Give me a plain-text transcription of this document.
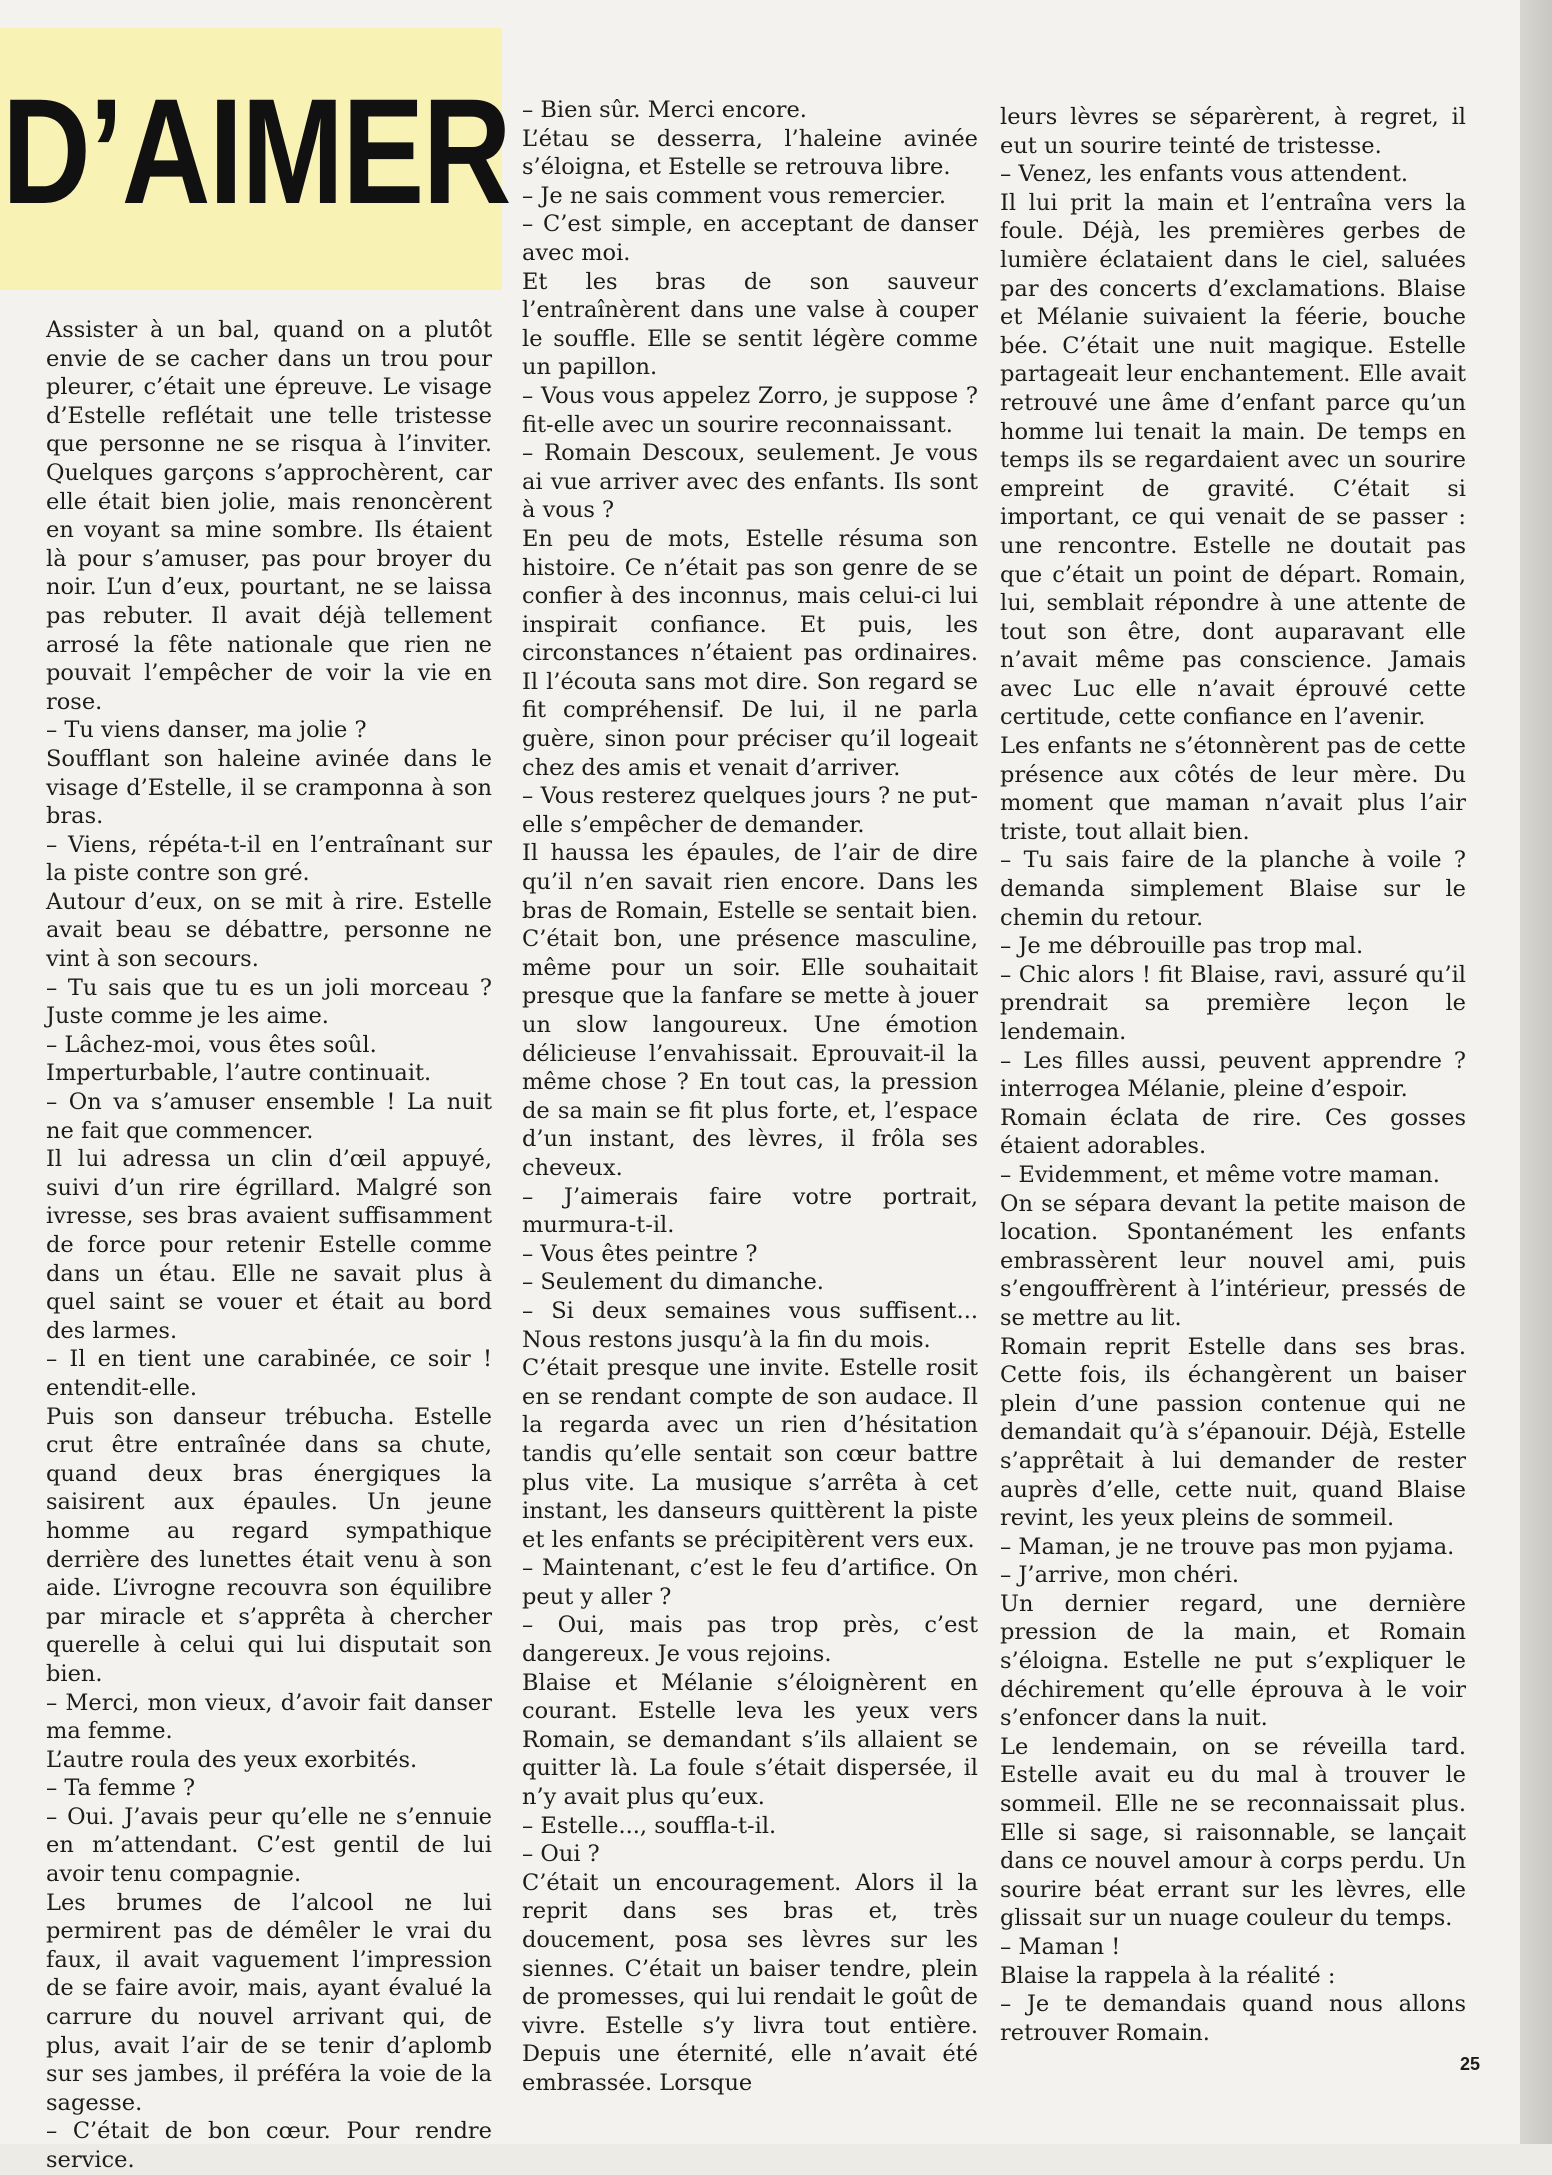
D’AIMER

Assister à un bal, quand on a plutôt envie de se cacher dans un trou pour pleurer, c’était une épreuve. Le visage d’Estelle reflétait une telle tristesse que personne ne se risqua à l’inviter. Quelques garçons s’approchèrent, car elle était bien jolie, mais renoncèrent en voyant sa mine sombre. Ils étaient là pour s’amuser, pas pour broyer du noir. L’un d’eux, pourtant, ne se laissa pas rebuter. Il avait déjà tellement arrosé la fête nationale que rien ne pouvait l’empêcher de voir la vie en rose.

– Tu viens danser, ma jolie ?

Soufflant son haleine avinée dans le visage d’Estelle, il se cramponna à son bras.

– Viens, répéta-t-il en l’entraînant sur la piste contre son gré.

Autour d’eux, on se mit à rire. Estelle avait beau se débattre, personne ne vint à son secours.

– Tu sais que tu es un joli morceau ? Juste comme je les aime.

– Lâchez-moi, vous êtes soûl.

Imperturbable, l’autre continuait.

– On va s’amuser ensemble ! La nuit ne fait que commencer.

Il lui adressa un clin d’œil appuyé, suivi d’un rire égrillard. Malgré son ivresse, ses bras avaient suffisamment de force pour retenir Estelle comme dans un étau. Elle ne savait plus à quel saint se vouer et était au bord des larmes.

– Il en tient une carabinée, ce soir ! entendit-elle.

Puis son danseur trébucha. Estelle crut être entraînée dans sa chute, quand deux bras énergiques la saisirent aux épaules. Un jeune homme au regard sympathique derrière des lunettes était venu à son aide. L’ivrogne recouvra son équilibre par miracle et s’apprêta à chercher querelle à celui qui lui disputait son bien.

– Merci, mon vieux, d’avoir fait danser ma femme.

L’autre roula des yeux exorbités.

– Ta femme ?

– Oui. J’avais peur qu’elle ne s’ennuie en m’attendant. C’est gentil de lui avoir tenu compagnie.

Les brumes de l’alcool ne lui permirent pas de démêler le vrai du faux, il avait vaguement l’impression de se faire avoir, mais, ayant évalué la carrure du nouvel arrivant qui, de plus, avait l’air de se tenir d’aplomb sur ses jambes, il préféra la voie de la sagesse.

– C’était de bon cœur. Pour rendre service.

– Bien sûr. Merci encore.

L’étau se desserra, l’haleine avinée s’éloigna, et Estelle se retrouva libre.

– Je ne sais comment vous remercier.

– C’est simple, en acceptant de danser avec moi.

Et les bras de son sauveur l’entraînèrent dans une valse à couper le souffle. Elle se sentit légère comme un papillon.

– Vous vous appelez Zorro, je suppose ? fit-elle avec un sourire reconnaissant.

– Romain Descoux, seulement. Je vous ai vue arriver avec des enfants. Ils sont à vous ?

En peu de mots, Estelle résuma son histoire. Ce n’était pas son genre de se confier à des inconnus, mais celui-ci lui inspirait confiance. Et puis, les circonstances n’étaient pas ordinaires. Il l’écouta sans mot dire. Son regard se fit compréhensif. De lui, il ne parla guère, sinon pour préciser qu’il logeait chez des amis et venait d’arriver.

– Vous resterez quelques jours ? ne put-elle s’empêcher de demander.

Il haussa les épaules, de l’air de dire qu’il n’en savait rien encore. Dans les bras de Romain, Estelle se sentait bien. C’était bon, une présence masculine, même pour un soir. Elle souhaitait presque que la fanfare se mette à jouer un slow langoureux. Une émotion délicieuse l’envahissait. Eprouvait-il la même chose ? En tout cas, la pression de sa main se fit plus forte, et, l’espace d’un instant, des lèvres, il frôla ses cheveux.

– J’aimerais faire votre portrait, murmura-t-il.

– Vous êtes peintre ?

– Seulement du dimanche.

– Si deux semaines vous suffisent... Nous restons jusqu’à la fin du mois.

C’était presque une invite. Estelle rosit en se rendant compte de son audace. Il la regarda avec un rien d’hésitation tandis qu’elle sentait son cœur battre plus vite. La musique s’arrêta à cet instant, les danseurs quittèrent la piste et les enfants se précipitèrent vers eux.

– Maintenant, c’est le feu d’artifice. On peut y aller ?

– Oui, mais pas trop près, c’est dangereux. Je vous rejoins.

Blaise et Mélanie s’éloignèrent en courant. Estelle leva les yeux vers Romain, se demandant s’ils allaient se quitter là. La foule s’était dispersée, il n’y avait plus qu’eux.

– Estelle..., souffla-t-il.

– Oui ?

C’était un encouragement. Alors il la reprit dans ses bras et, très doucement, posa ses lèvres sur les siennes. C’était un baiser tendre, plein de promesses, qui lui rendait le goût de vivre. Estelle s’y livra tout entière. Depuis une éternité, elle n’avait été embrassée. Lorsque

leurs lèvres se séparèrent, à regret, il eut un sourire teinté de tristesse.

– Venez, les enfants vous attendent.

Il lui prit la main et l’entraîna vers la foule. Déjà, les premières gerbes de lumière éclataient dans le ciel, saluées par des concerts d’exclamations. Blaise et Mélanie suivaient la féerie, bouche bée. C’était une nuit magique. Estelle partageait leur enchantement. Elle avait retrouvé une âme d’enfant parce qu’un homme lui tenait la main. De temps en temps ils se regardaient avec un sourire empreint de gravité. C’était si important, ce qui venait de se passer : une rencontre. Estelle ne doutait pas que c’était un point de départ. Romain, lui, semblait répondre à une attente de tout son être, dont auparavant elle n’avait même pas conscience. Jamais avec Luc elle n’avait éprouvé cette certitude, cette confiance en l’avenir.

Les enfants ne s’étonnèrent pas de cette présence aux côtés de leur mère. Du moment que maman n’avait plus l’air triste, tout allait bien.

– Tu sais faire de la planche à voile ? demanda simplement Blaise sur le chemin du retour.

– Je me débrouille pas trop mal.

– Chic alors ! fit Blaise, ravi, assuré qu’il prendrait sa première leçon le lendemain.

– Les filles aussi, peuvent apprendre ? interrogea Mélanie, pleine d’espoir.

Romain éclata de rire. Ces gosses étaient adorables.

– Evidemment, et même votre maman.

On se sépara devant la petite maison de location. Spontanément les enfants embrassèrent leur nouvel ami, puis s’engouffrèrent à l’intérieur, pressés de se mettre au lit.

Romain reprit Estelle dans ses bras. Cette fois, ils échangèrent un baiser plein d’une passion contenue qui ne demandait qu’à s’épanouir. Déjà, Estelle s’apprêtait à lui demander de rester auprès d’elle, cette nuit, quand Blaise revint, les yeux pleins de sommeil.

– Maman, je ne trouve pas mon pyjama.

– J’arrive, mon chéri.

Un dernier regard, une dernière pression de la main, et Romain s’éloigna. Estelle ne put s’expliquer le déchirement qu’elle éprouva à le voir s’enfoncer dans la nuit.

Le lendemain, on se réveilla tard. Estelle avait eu du mal à trouver le sommeil. Elle ne se reconnaissait plus. Elle si sage, si raisonnable, se lançait dans ce nouvel amour à corps perdu. Un sourire béat errant sur les lèvres, elle glissait sur un nuage couleur du temps.

– Maman !

Blaise la rappela à la réalité :

– Je te demandais quand nous allons retrouver Romain.

25
